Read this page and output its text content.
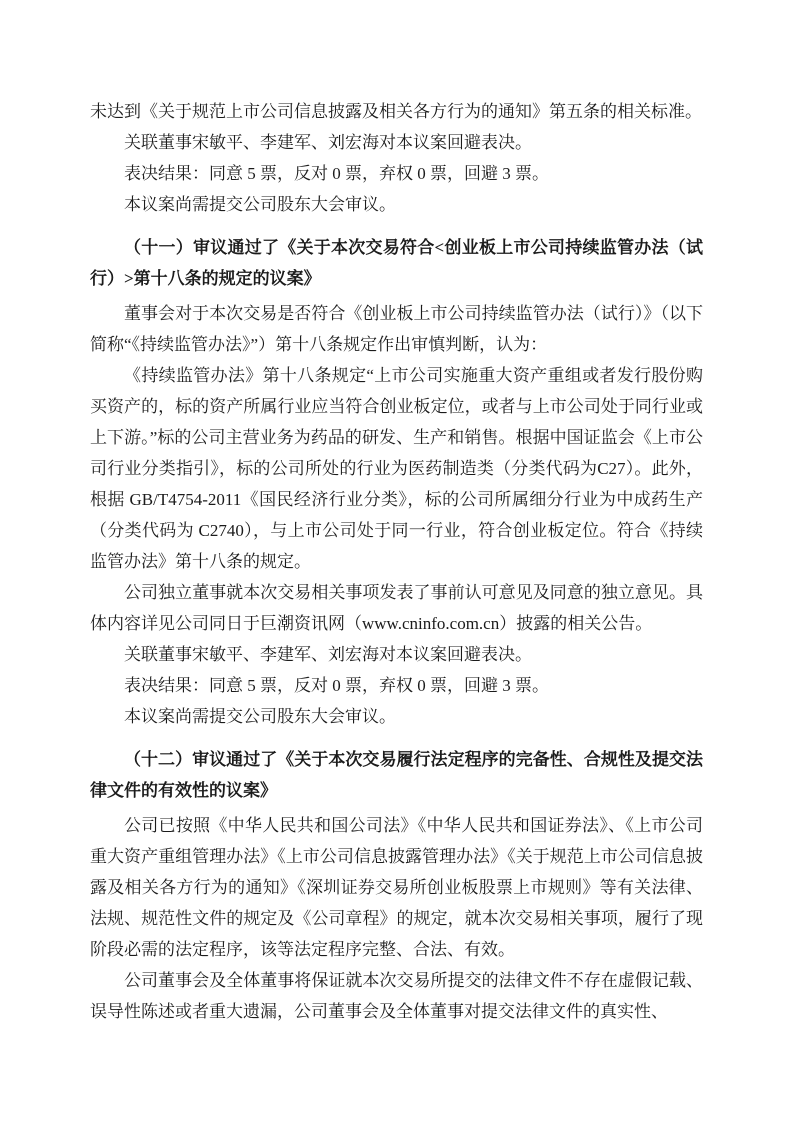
未达到《关于规范上市公司信息披露及相关各方行为的通知》第五条的相关标准。

关联董事宋敏平、李建军、刘宏海对本议案回避表决。

表决结果：同意 5 票，反对 0 票，弃权 0 票，回避 3 票。

本议案尚需提交公司股东大会审议。

（十一）审议通过了《关于本次交易符合<创业板上市公司持续监管办法（试行）>第十八条的规定的议案》

董事会对于本次交易是否符合《创业板上市公司持续监管办法（试行）》（以下简称“《持续监管办法》”）第十八条规定作出审慎判断，认为：

《持续监管办法》第十八条规定“上市公司实施重大资产重组或者发行股份购买资产的，标的资产所属行业应当符合创业板定位，或者与上市公司处于同行业或上下游。”标的公司主营业务为药品的研发、生产和销售。根据中国证监会《上市公司行业分类指引》，标的公司所处的行业为医药制造类（分类代码为C27）。此外，根据 GB/T4754-2011《国民经济行业分类》，标的公司所属细分行业为中成药生产（分类代码为 C2740），与上市公司处于同一行业，符合创业板定位。符合《持续监管办法》第十八条的规定。

公司独立董事就本次交易相关事项发表了事前认可意见及同意的独立意见。具体内容详见公司同日于巨潮资讯网（www.cninfo.com.cn）披露的相关公告。

关联董事宋敏平、李建军、刘宏海对本议案回避表决。

表决结果：同意 5 票，反对 0 票，弃权 0 票，回避 3 票。

本议案尚需提交公司股东大会审议。

（十二）审议通过了《关于本次交易履行法定程序的完备性、合规性及提交法律文件的有效性的议案》

公司已按照《中华人民共和国公司法》《中华人民共和国证券法》、《上市公司重大资产重组管理办法》《上市公司信息披露管理办法》《关于规范上市公司信息披露及相关各方行为的通知》《深圳证券交易所创业板股票上市规则》等有关法律、法规、规范性文件的规定及《公司章程》的规定，就本次交易相关事项，履行了现阶段必需的法定程序，该等法定程序完整、合法、有效。

公司董事会及全体董事将保证就本次交易所提交的法律文件不存在虚假记载、误导性陈述或者重大遗漏，公司董事会及全体董事对提交法律文件的真实性、
